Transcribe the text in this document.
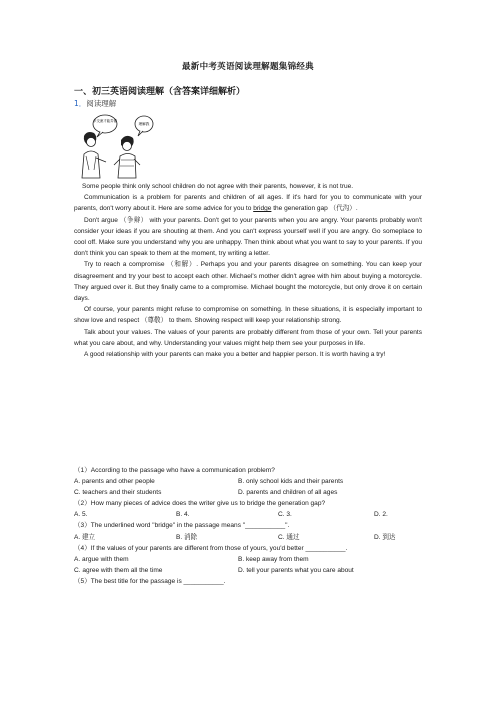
最新中考英语阅读理解题集锦经典
一、初三英语阅读理解（含答案详细解析）
1．阅读理解
多交流才能弄懂
理解我

Some people think only school children do not agree with their parents, however, it is not true.

Communication is a problem for parents and children of all ages. If it's hard for you to communicate with your parents, don't worry about it. Here are some advice for you to bridge the generation gap （代沟）.

Don't argue （争辩） with your parents. Don't get to your parents when you are angry. Your parents probably won't consider your ideas if you are shouting at them. And you can't express yourself well if you are angry. Go someplace to cool off. Make sure you understand why you are unhappy. Then think about what you want to say to your parents. If you don't think you can speak to them at the moment, try writing a letter.

Try to reach a compromise （和解）. Perhaps you and your parents disagree on something. You can keep your disagreement and try your best to accept each other. Michael's mother didn't agree with him about buying a motorcycle. They argued over it. But they finally came to a compromise. Michael bought the motorcycle, but only drove it on certain days.

Of course, your parents might refuse to compromise on something. In these situations, it is especially important to show love and respect （尊敬） to them. Showing respect will keep your relationship strong.

Talk about your values. The values of your parents are probably different from those of your own. Tell your parents what you care about, and why. Understanding your values might help them see your purposes in life.

A good relationship with your parents can make you a better and happier person. It is worth having a try!

（1）According to the passage who have a communication problem?
A. parents and other people	B. only school kids and their parents
C. teachers and their students	D. parents and children of all ages
（2）How many pieces of advice does the writer give us to bridge the generation gap?
A. 5.	B. 4.	C. 3.	D. 2.
（3）The underlined word "bridge" in the passage means "___________".
A. 建立	B. 消除	C. 通过	D. 到达
（4）If the values of your parents are different from those of yours, you'd better ___________.
A. argue with them	B. keep away from them
C. agree with them all the time	D. tell your parents what you care about
（5）The best title for the passage is ___________.
